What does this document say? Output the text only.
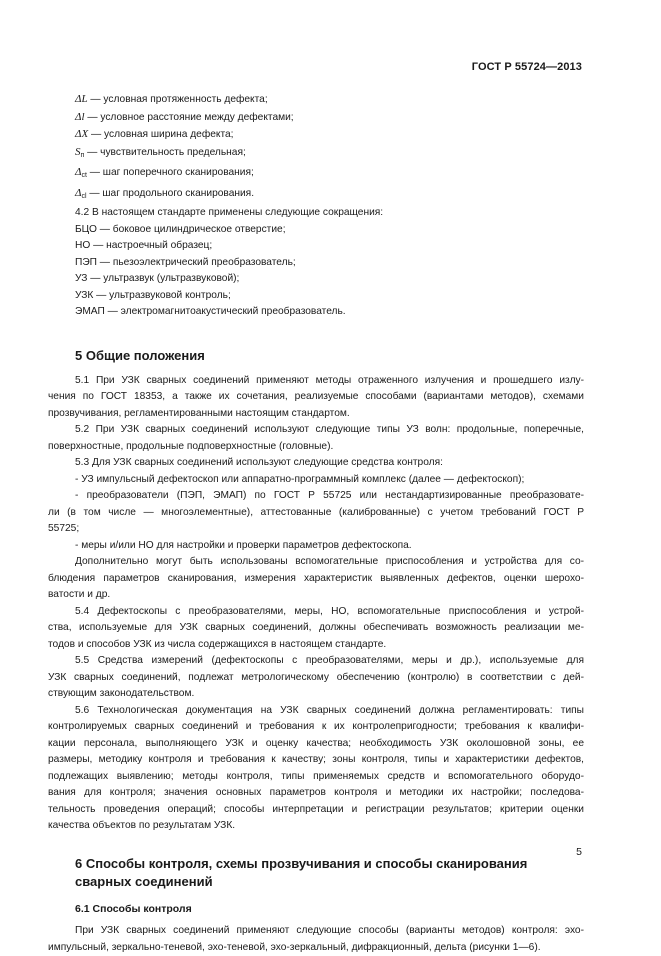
ГОСТ Р 55724—2013
ΔL — условная протяженность дефекта;
Δl — условное расстояние между дефектами;
ΔX — условная ширина дефекта;
$S_п$ — чувствительность предельная;
$\Delta_{ct}$ — шаг поперечного сканирования;
$\Delta_{cl}$ — шаг продольного сканирования.
4.2 В настоящем стандарте применены следующие сокращения:
БЦО — боковое цилиндрическое отверстие;
НО — настроечный образец;
ПЭП — пьезоэлектрический преобразователь;
УЗ — ультразвук (ультразвуковой);
УЗК — ультразвуковой контроль;
ЭМАП — электромагнитоакустический преобразователь.
5 Общие положения
5.1 При УЗК сварных соединений применяют методы отраженного излучения и прошедшего излу-
чения по ГОСТ 18353, а также их сочетания, реализуемые способами (вариантами методов), схемами
прозвучивания, регламентированными настоящим стандартом.
5.2 При УЗК сварных соединений используют следующие типы УЗ волн: продольные, поперечные,
поверхностные, продольные подповерхностные (головные).
5.3 Для УЗК сварных соединений используют следующие средства контроля:
- УЗ импульсный дефектоскоп или аппаратно-программный комплекс (далее — дефектоскоп);
- преобразователи (ПЭП, ЭМАП) по ГОСТ Р 55725 или нестандартизированные преобразовате-
ли (в том числе — многоэлементные), аттестованные (калиброванные) с учетом требований ГОСТ Р
55725;
- меры и/или НО для настройки и проверки параметров дефектоскопа.
Дополнительно могут быть использованы вспомогательные приспособления и устройства для со-
блюдения параметров сканирования, измерения характеристик выявленных дефектов, оценки шерохо-
ватости и др.
5.4 Дефектоскопы с преобразователями, меры, НО, вспомогательные приспособления и устрой-
ства, используемые для УЗК сварных соединений, должны обеспечивать возможность реализации ме-
тодов и способов УЗК из числа содержащихся в настоящем стандарте.
5.5 Средства измерений (дефектоскопы с преобразователями, меры и др.), используемые для
УЗК сварных соединений, подлежат метрологическому обеспечению (контролю) в соответствии с дей-
ствующим законодательством.
5.6 Технологическая документация на УЗК сварных соединений должна регламентировать: типы
контролируемых сварных соединений и требования к их контролепригодности; требования к квалифи-
кации персонала, выполняющего УЗК и оценку качества; необходимость УЗК околошовной зоны, ее
размеры, методику контроля и требования к качеству; зоны контроля, типы и характеристики дефектов,
подлежащих выявлению; методы контроля, типы применяемых средств и вспомогательного оборудо-
вания для контроля; значения основных параметров контроля и методики их настройки; последова-
тельность проведения операций; способы интерпретации и регистрации результатов; критерии оценки
качества объектов по результатам УЗК.
6 Способы контроля, схемы прозвучивания и способы сканирования
сварных соединений
6.1 Способы контроля
При УЗК сварных соединений применяют следующие способы (варианты методов) контроля: эхо-
импульсный, зеркально-теневой, эхо-теневой, эхо-зеркальный, дифракционный, дельта (рисунки 1—6).
5
